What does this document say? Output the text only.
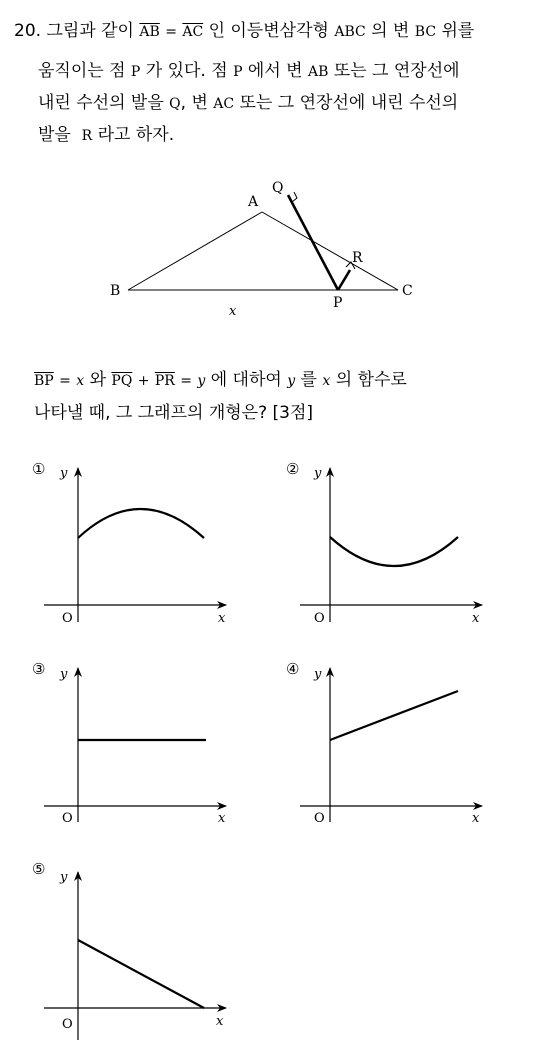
20. 그림과 같이 $\overline{AB} = \overline{AC}$ 인 이등변삼각형 ABC 의 변 BC 위를
움직이는 점 P 가 있다. 점 P 에서 변 AB 또는 그 연장선에
내린 수선의 발을 Q, 변 AC 또는 그 연장선에 내린 수선의
발을 R 라고 하자.
A
B	C
P
Q
R
x
$\overline{BP} = x$ 와 $\overline{PQ} + \overline{PR} = y$ 에 대하여 y 를 x 의 함수로
나타낼 때, 그 그래프의 개형은? [3점]
① y
O	x
② y
O	x
③ y
O	x
④ y
O	x
⑤ y
O	x
